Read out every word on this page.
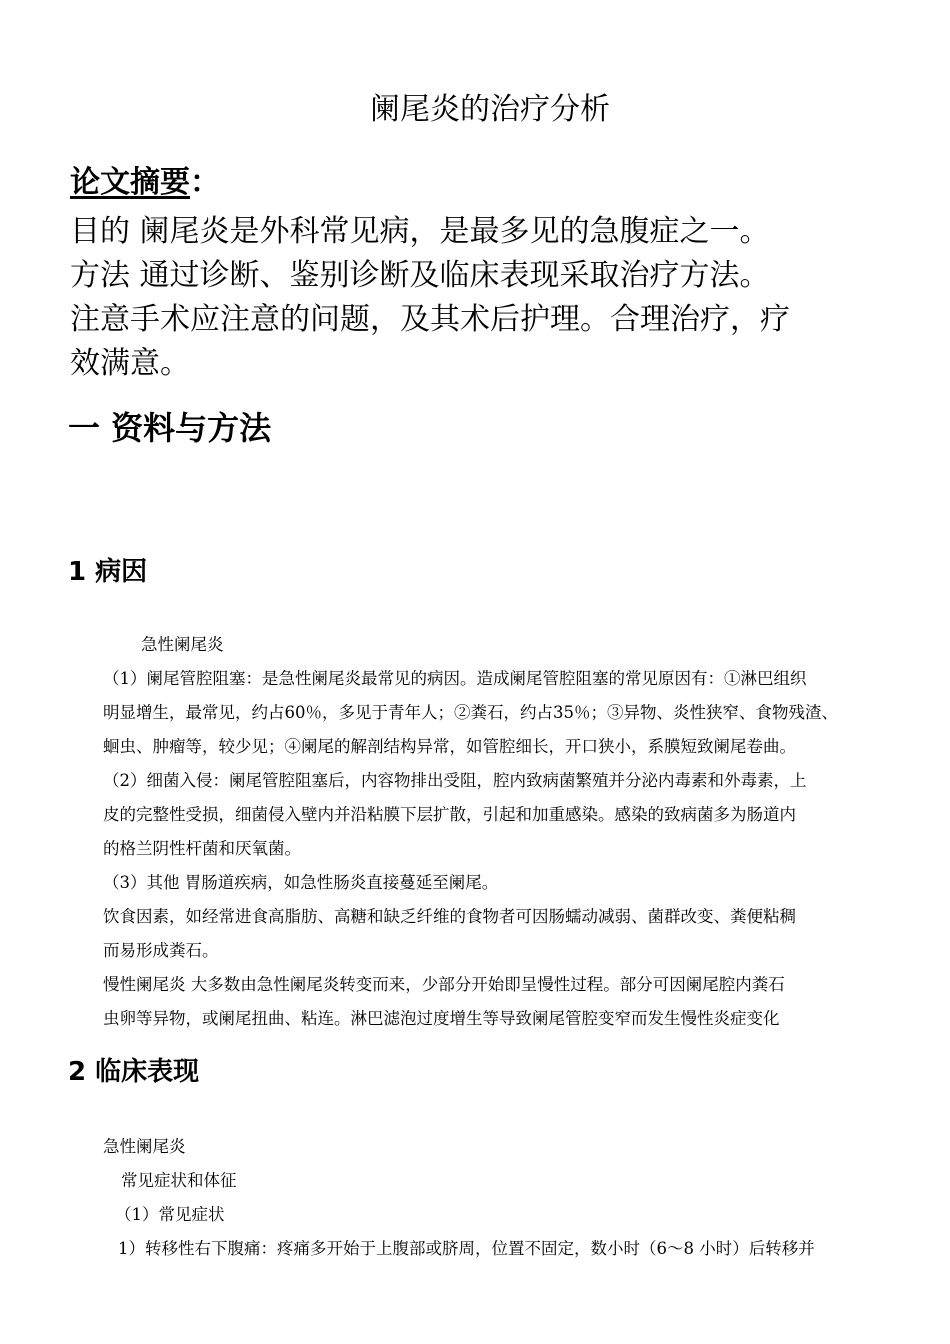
阑尾炎的治疗分析
论文摘要：
目的 阑尾炎是外科常见病，是最多见的急腹症之一。
方法 通过诊断、鉴别诊断及临床表现采取治疗方法。
注意手术应注意的问题，及其术后护理。合理治疗，疗
效满意。
一 资料与方法
1 病因
急性阑尾炎
（1）阑尾管腔阻塞：是急性阑尾炎最常见的病因。造成阑尾管腔阻塞的常见原因有：①淋巴组织
明显增生，最常见，约占60％，多见于青年人；②粪石，约占35％；③异物、炎性狭窄、食物残渣、
蛔虫、肿瘤等，较少见；④阑尾的解剖结构异常，如管腔细长，开口狭小，系膜短致阑尾卷曲。
（2）细菌入侵：阑尾管腔阻塞后，内容物排出受阻，腔内致病菌繁殖并分泌内毒素和外毒素，上
皮的完整性受损，细菌侵入壁内并沿粘膜下层扩散，引起和加重感染。感染的致病菌多为肠道内
的格兰阴性杆菌和厌氧菌。
（3）其他 胃肠道疾病，如急性肠炎直接蔓延至阑尾。
饮食因素，如经常进食高脂肪、高糖和缺乏纤维的食物者可因肠蠕动减弱、菌群改变、粪便粘稠
而易形成粪石。
慢性阑尾炎 大多数由急性阑尾炎转变而来，少部分开始即呈慢性过程。部分可因阑尾腔内粪石
虫卵等异物，或阑尾扭曲、粘连。淋巴滤泡过度增生等导致阑尾管腔变窄而发生慢性炎症变化
2 临床表现
急性阑尾炎
常见症状和体征
（1）常见症状
1）转移性右下腹痛：疼痛多开始于上腹部或脐周，位置不固定，数小时（6～8 小时）后转移并
